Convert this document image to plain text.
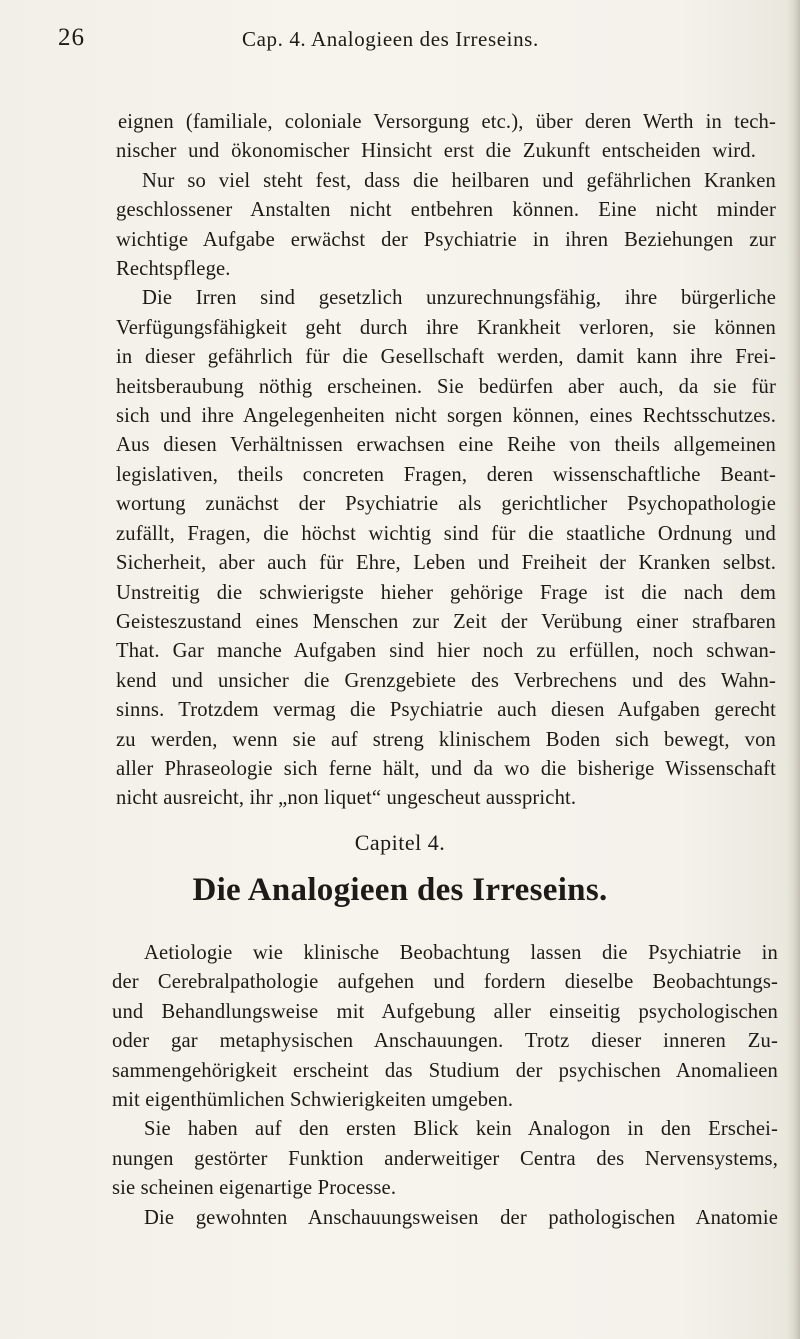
26	Cap. 4. Analogieen des Irreseins.
eignen (familiale, coloniale Versorgung etc.), über deren Werth in tech-
nischer und ökonomischer Hinsicht erst die Zukunft entscheiden wird.
Nur so viel steht fest, dass die heilbaren und gefährlichen Kranken
geschlossener Anstalten nicht entbehren können. Eine nicht minder
wichtige Aufgabe erwächst der Psychiatrie in ihren Beziehungen zur
Rechtspflege.
Die Irren sind gesetzlich unzurechnungsfähig, ihre bürgerliche
Verfügungsfähigkeit geht durch ihre Krankheit verloren, sie können
in dieser gefährlich für die Gesellschaft werden, damit kann ihre Frei-
heitsberaubung nöthig erscheinen. Sie bedürfen aber auch, da sie für
sich und ihre Angelegenheiten nicht sorgen können, eines Rechtsschutzes.
Aus diesen Verhältnissen erwachsen eine Reihe von theils allgemeinen
legislativen, theils concreten Fragen, deren wissenschaftliche Beant-
wortung zunächst der Psychiatrie als gerichtlicher Psychopathologie
zufällt, Fragen, die höchst wichtig sind für die staatliche Ordnung und
Sicherheit, aber auch für Ehre, Leben und Freiheit der Kranken selbst.
Unstreitig die schwierigste hieher gehörige Frage ist die nach dem
Geisteszustand eines Menschen zur Zeit der Verübung einer strafbaren
That. Gar manche Aufgaben sind hier noch zu erfüllen, noch schwan-
kend und unsicher die Grenzgebiete des Verbrechens und des Wahn-
sinns. Trotzdem vermag die Psychiatrie auch diesen Aufgaben gerecht
zu werden, wenn sie auf streng klinischem Boden sich bewegt, von
aller Phraseologie sich ferne hält, und da wo die bisherige Wissenschaft
nicht ausreicht, ihr „non liquet“ ungescheut ausspricht.
Capitel 4.
Die Analogieen des Irreseins.
Aetiologie wie klinische Beobachtung lassen die Psychiatrie in
der Cerebralpathologie aufgehen und fordern dieselbe Beobachtungs-
und Behandlungsweise mit Aufgebung aller einseitig psychologischen
oder gar metaphysischen Anschauungen. Trotz dieser inneren Zu-
sammengehörigkeit erscheint das Studium der psychischen Anomalieen
mit eigenthümlichen Schwierigkeiten umgeben.
Sie haben auf den ersten Blick kein Analogon in den Erschei-
nungen gestörter Funktion anderweitiger Centra des Nervensystems,
sie scheinen eigenartige Processe.
Die gewohnten Anschauungsweisen der pathologischen Anatomie
